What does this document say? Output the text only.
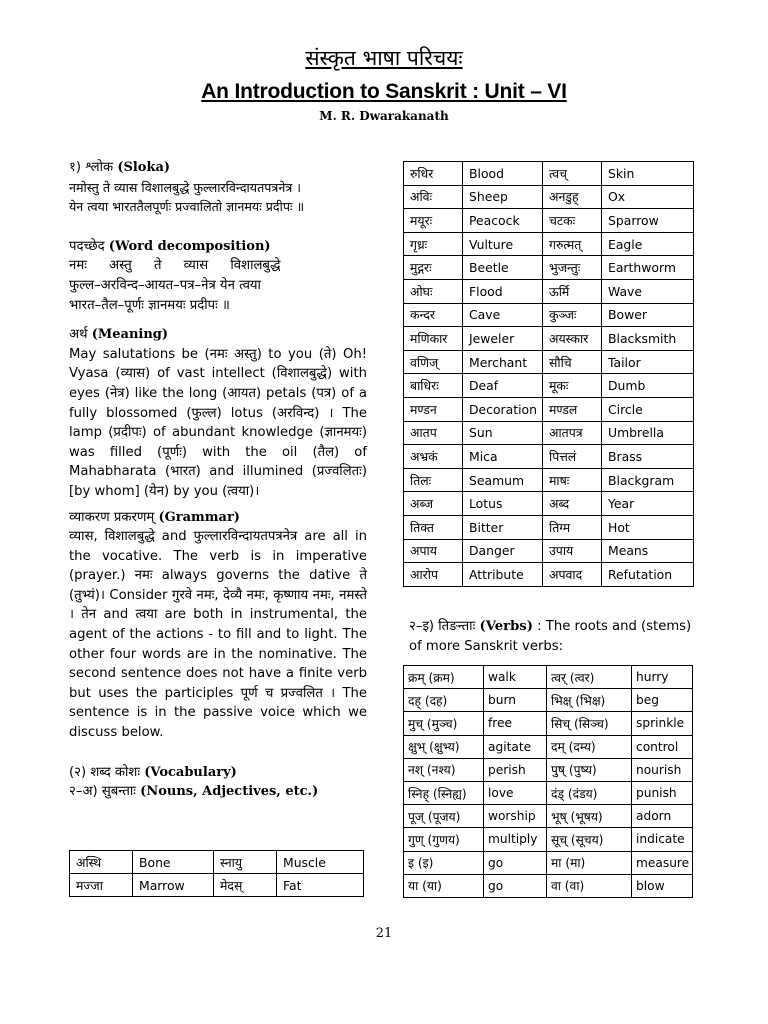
संस्कृत भाषा परिचयः
An Introduction to Sanskrit : Unit – VI
M. R. Dwarakanath

१) श्लोक (Sloka)

नमोस्तु ते व्यास विशालबुद्धे फुल्लारविन्दायतपत्रनेत्र ।

येन त्वया भारततैलपूर्णः प्रज्वालितो ज्ञानमयः प्रदीपः ॥

पदच्छेद (Word decomposition)

नमः अस्तु ते व्यास विशालबुद्धे

फुल्ल–अरविन्द–आयत–पत्र–नेत्र येन त्वया

भारत–तैल–पूर्णः ज्ञानमयः प्रदीपः ॥

अर्थ (Meaning)

May salutations be (नमः अस्तु) to you (ते) Oh! Vyasa (व्यास) of vast intellect (विशालबुद्धे) with eyes (नेत्र) like the long (आयत) petals (पत्र) of a fully blossomed (फुल्ल) lotus (अरविन्द) । The lamp (प्रदीपः) of abundant knowledge (ज्ञानमयः) was filled (पूर्णः) with the oil (तैल) of Mahabharata (भारत) and illumined (प्रज्वलितः) [by whom] (येन) by you (त्वया)।

व्याकरण प्रकरणम् (Grammar)

व्यास, विशालबुद्धे and फुल्लारविन्दायतपत्रनेत्र are all in the vocative. The verb is in imperative (prayer.) नमः always governs the dative ते (तुभ्यं)। Consider गुरवे नमः, देव्यै नमः, कृष्णाय नमः, नमस्ते । तेन and त्वया are both in instrumental, the agent of the actions - to fill and to light. The other four words are in the nominative. The second sentence does not have a finite verb but uses the participles पूर्ण च प्रज्वलित । The sentence is in the passive voice which we discuss below.

(२) शब्द कोशः (Vocabulary)

२–अ) सुबन्ताः (Nouns, Adjectives, etc.)

अस्थि	Bone	स्नायु	Muscle
मज्जा	Marrow	मेदस्	Fat
रुधिर	Blood	त्वच्	Skin
अविः	Sheep	अनडुह्	Ox
मयूरः	Peacock	चटकः	Sparrow
गृध्रः	Vulture	गरुत्मत्	Eagle
मुद्गरः	Beetle	भुजन्तुः	Earthworm
ओघः	Flood	ऊर्मि	Wave
कन्दर	Cave	कुञ्जः	Bower
मणिकार	Jeweler	अयस्कार	Blacksmith
वणिज्	Merchant	सौचि	Tailor
बाधिरः	Deaf	मूकः	Dumb
मण्डन	Decoration	मण्डल	Circle
आतप	Sun	आतपत्र	Umbrella
अभ्रकं	Mica	पित्तलं	Brass
तिलः	Seamum	माषः	Blackgram
अब्ज	Lotus	अब्द	Year
तिक्त	Bitter	तिग्म	Hot
अपाय	Danger	उपाय	Means
आरोप	Attribute	अपवाद	Refutation
२–इ) तिङन्ताः (Verbs) : The roots and (stems) of more Sanskrit verbs:
क्रम् (क्रम)	walk	त्वर् (त्वर)	hurry
दह् (दह)	burn	भिक्ष् (भिक्ष)	beg
मुच् (मुञ्च)	free	सिच् (सिञ्च)	sprinkle
क्षुभ् (क्षुभ्य)	agitate	दम् (दम्य)	control
नश् (नश्य)	perish	पुष् (पुष्य)	nourish
स्निह् (स्निह्य)	love	दंड् (दंडय)	punish
पूज् (पूजय)	worship	भूष् (भूषय)	adorn
गुण् (गुणय)	multiply	सूच् (सूचय)	indicate
इ (इ)	go	मा (मा)	measure
या (या)	go	वा (वा)	blow
21
